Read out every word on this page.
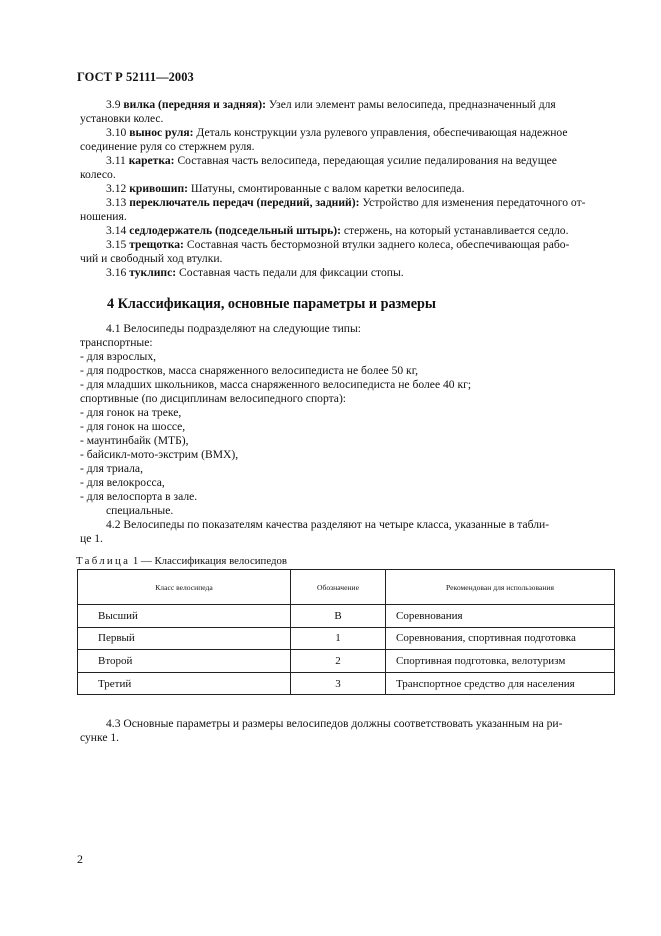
ГОСТ Р 52111—2003

3.9 вилка (передняя и задняя): Узел или элемент рамы велосипеда, предназначенный для
установки колес.

3.10 вынос руля: Деталь конструкции узла рулевого управления, обеспечивающая надежное
соединение руля со стержнем руля.

3.11 каретка: Составная часть велосипеда, передающая усилие педалирования на ведущее
колесо.

3.12 кривошип: Шатуны, смонтированные с валом каретки велосипеда.

3.13 переключатель передач (передний, задний): Устройство для изменения передаточного от-
ношения.

3.14 седлодержатель (подседельный штырь): стержень, на который устанавливается седло.

3.15 трещотка: Составная часть бестормозной втулки заднего колеса, обеспечивающая рабо-
чий и свободный ход втулки.

3.16 туклипс: Составная часть педали для фиксации стопы.

4 Классификация, основные параметры и размеры

4.1 Велосипеды подразделяют на следующие типы:

транспортные:

- для взрослых,

- для подростков, масса снаряженного велосипедиста не более 50 кг,

- для младших школьников, масса снаряженного велосипедиста не более 40 кг;

спортивные (по дисциплинам велосипедного спорта):

- для гонок на треке,

- для гонок на шоссе,

- маунтинбайк (МТБ),

- байсикл-мото-экстрим (ВМХ),

- для триала,

- для велокросса,

- для велоспорта в зале.

специальные.

4.2 Велосипеды по показателям качества разделяют на четыре класса, указанные в табли-
це 1.

Таблица 1 — Классификация велосипедов
Класс велосипеда	Обозначение	Рекомендован для использования
Высший	В	Соревнования
Первый	1	Соревнования, спортивная подготовка
Второй	2	Спортивная подготовка, велотуризм
Третий	3	Транспортное средство для населения

4.3 Основные параметры и размеры велосипедов должны соответствовать указанным на ри-
сунке 1.

2
